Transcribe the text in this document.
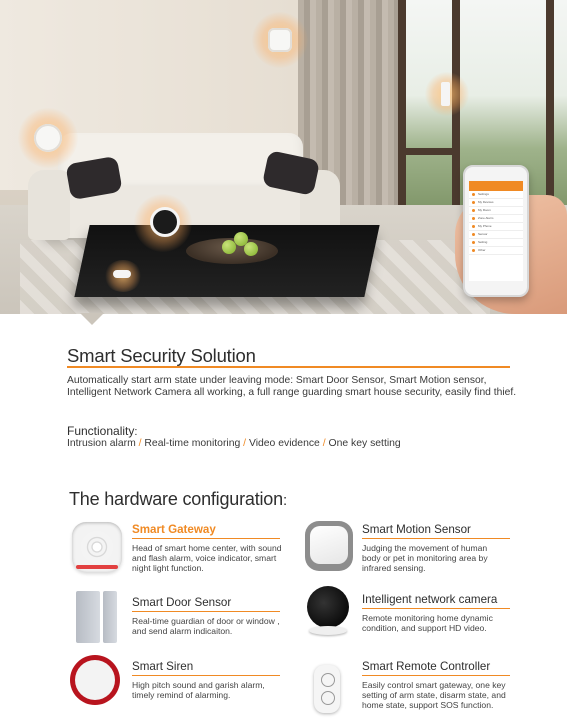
Settings
My Devices
My Room
Zone Alarm
My Phone
Sensor
Setting
Other
Smart Security Solution
Automatically start arm state under leaving mode: Smart Door Sensor, Smart Motion sensor, Intelligent Network Camera all working, a full range guarding smart house security, easily find thief.
Functionality:
Intrusion alarm / Real-time monitoring / Video evidence / One key setting
The hardware configuration:
Smart Gateway
Head of smart home center, with sound and flash alarm, voice indicator, smart night light function.
Smart Motion Sensor
Judging the movement of human body or pet in monitoring area by infrared sensing.
Smart Door Sensor
Real-time guardian of door or window , and send alarm indicaiton.
Intelligent network camera
Remote monitoring home dynamic condition, and support HD video.
Smart Siren
High pitch sound and garish alarm, timely remind of alarming.
Smart Remote Controller
Easily control smart gateway, one key setting of arm state, disarm state, and home state, support SOS function.
